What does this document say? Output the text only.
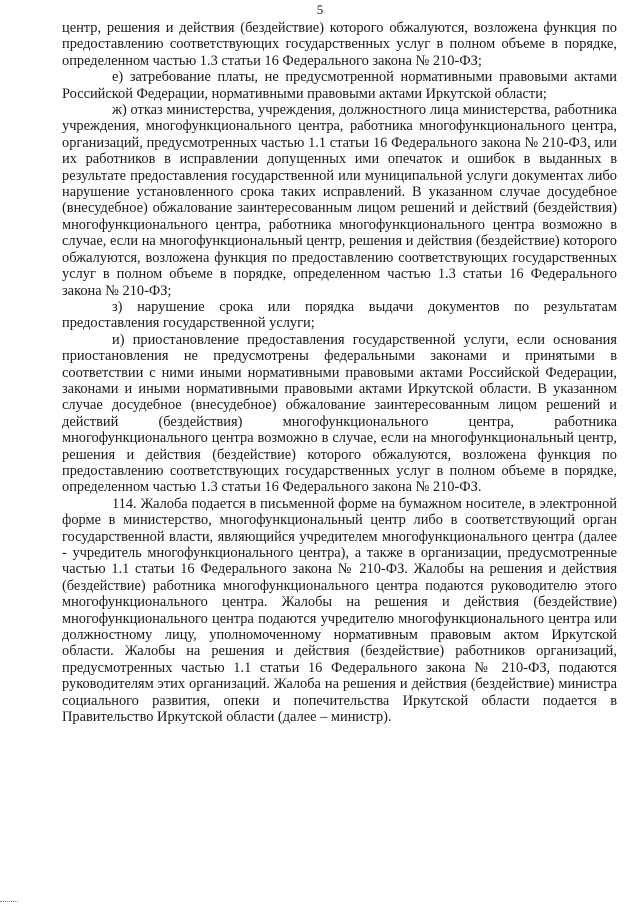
5

центр, решения и действия (бездействие) которого обжалуются, возложена функция по предоставлению соответствующих государственных услуг в полном объеме в порядке, определенном частью 1.3 статьи 16 Федерального закона № 210-ФЗ;

е) затребование платы, не предусмотренной нормативными правовыми актами Российской Федерации, нормативными правовыми актами Иркутской области;

ж) отказ министерства, учреждения, должностного лица министерства, работника учреждения, многофункционального центра, работника многофункционального центра, организаций, предусмотренных частью 1.1 статьи 16 Федерального закона № 210-ФЗ, или их работников в исправлении допущенных ими опечаток и ошибок в выданных в результате предоставления государственной или муниципальной услуги документах либо нарушение установленного срока таких исправлений. В указанном случае досудебное (внесудебное) обжалование заинтересованным лицом решений и действий (бездействия) многофункционального центра, работника многофункционального центра возможно в случае, если на многофункциональный центр, решения и действия (бездействие) которого обжалуются, возложена функция по предоставлению соответствующих государственных услуг в полном объеме в порядке, определенном частью 1.3 статьи 16 Федерального закона № 210-ФЗ;

з) нарушение срока или порядка выдачи документов по результатам предоставления государственной услуги;

и) приостановление предоставления государственной услуги, если основания приостановления не предусмотрены федеральными законами и принятыми в соответствии с ними иными нормативными правовыми актами Российской Федерации, законами и иными нормативными правовыми актами Иркутской области. В указанном случае досудебное (внесудебное) обжалование заинтересованным лицом решений и действий (бездействия) многофункционального центра, работника многофункционального центра возможно в случае, если на многофункциональный центр, решения и действия (бездействие) которого обжалуются, возложена функция по предоставлению соответствующих государственных услуг в полном объеме в порядке, определенном частью 1.3 статьи 16 Федерального закона № 210-ФЗ.

114. Жалоба подается в письменной форме на бумажном носителе, в электронной форме в министерство, многофункциональный центр либо в соответствующий орган государственной власти, являющийся учредителем многофункционального центра (далее - учредитель многофункционального центра), а также в организации, предусмотренные частью 1.1 статьи 16 Федерального закона № 210-ФЗ. Жалобы на решения и действия (бездействие) работника многофункционального центра подаются руководителю этого многофункционального центра. Жалобы на решения и действия (бездействие) многофункционального центра подаются учредителю многофункционального центра или должностному лицу, уполномоченному нормативным правовым актом Иркутской области. Жалобы на решения и действия (бездействие) работников организаций, предусмотренных частью 1.1 статьи 16 Федерального закона № 210-ФЗ, подаются руководителям этих организаций. Жалоба на решения и действия (бездействие) министра социального развития, опеки и попечительства Иркутской области подается в Правительство Иркутской области (далее – министр).
